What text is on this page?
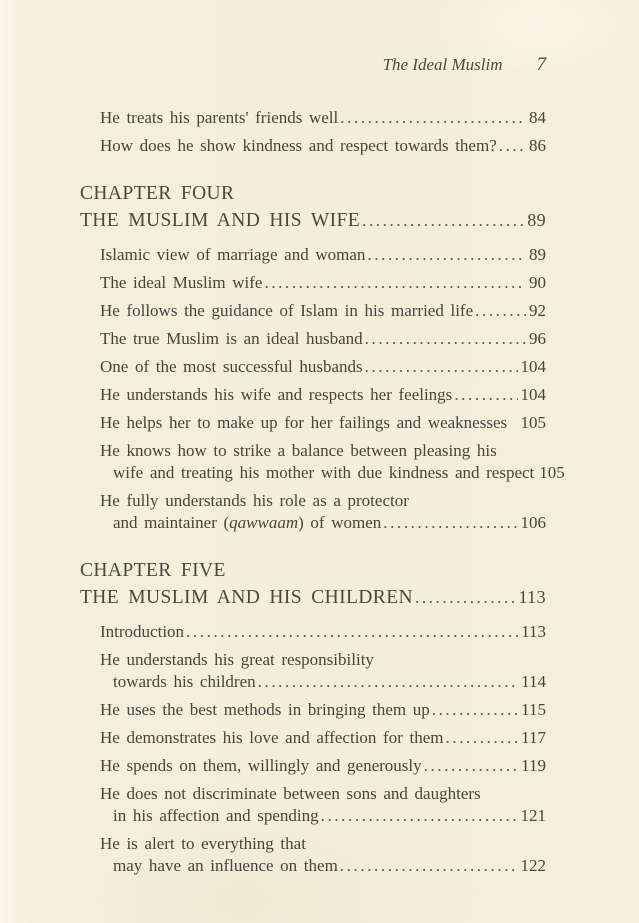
The Ideal Muslim 7
He treats his parents' friends well .....	84
How does he show kindness and respect towards them? ..... 86
CHAPTER FOUR
THE MUSLIM AND HIS WIFE .....	89
Islamic view of marriage and woman .....	89
The ideal Muslim wife .....	90
He follows the guidance of Islam in his married life .....	92
The true Muslim is an ideal husband .....	96
One of the most successful husbands .....	104
He understands his wife and respects her feelings .....	104
He helps her to make up for her failings and weaknesses 105
He knows how to strike a balance between pleasing his
wife and treating his mother with due kindness and respect 105
He fully understands his role as a protector
and maintainer (qawwaam) of women .....	106
CHAPTER FIVE
THE MUSLIM AND HIS CHILDREN .....	113
Introduction .....	113
He understands his great responsibility
towards his children .....	114
He uses the best methods in bringing them up .....	115
He demonstrates his love and affection for them .....	117
He spends on them, willingly and generously .....	119
He does not discriminate between sons and daughters
in his affection and spending .....	121
He is alert to everything that
may have an influence on them .....	122
